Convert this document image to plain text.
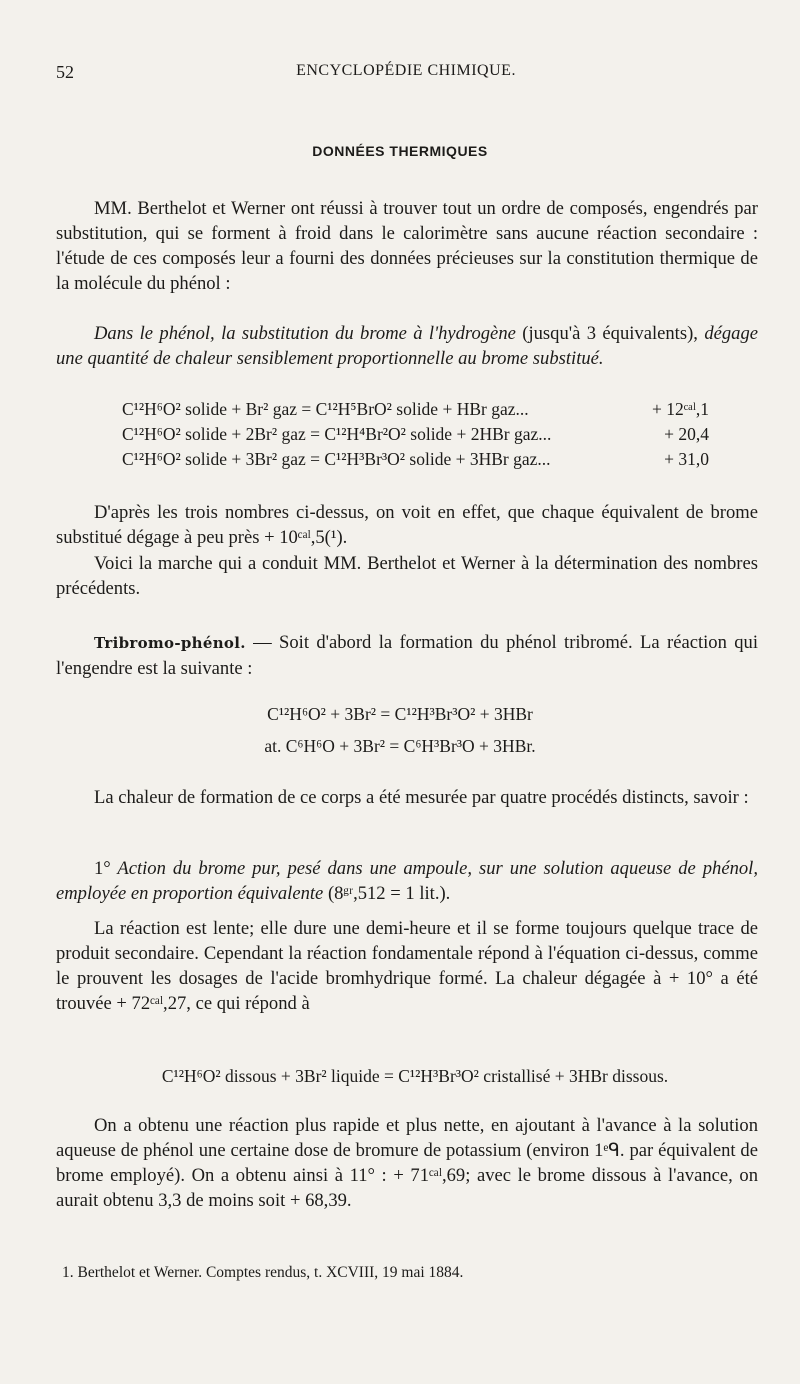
52	ENCYCLOPÉDIE CHIMIQUE.
DONNÉES THERMIQUES

MM. Berthelot et Werner ont réussi à trouver tout un ordre de composés, engendrés par substitution, qui se forment à froid dans le calorimètre sans aucune réaction secondaire : l'étude de ces composés leur a fourni des données précieuses sur la constitution thermique de la molécule du phénol :

Dans le phénol, la substitution du brome à l'hydrogène (jusqu'à 3 équivalents), dégage une quantité de chaleur sensiblement proportionnelle au brome substitué.

C¹²H⁶O² solide + Br² gaz = C¹²H⁵BrO² solide + HBr gaz...	+ 12ᶜᵃˡ,1
C¹²H⁶O² solide + 2Br² gaz = C¹²H⁴Br²O² solide + 2HBr gaz...	+ 20,4
C¹²H⁶O² solide + 3Br² gaz = C¹²H³Br³O² solide + 3HBr gaz...	+ 31,0

D'après les trois nombres ci-dessus, on voit en effet, que chaque équivalent de brome substitué dégage à peu près + 10ᶜᵃˡ,5(¹).

Voici la marche qui a conduit MM. Berthelot et Werner à la détermination des nombres précédents.

Tribromo-phénol. — Soit d'abord la formation du phénol tribromé. La réaction qui l'engendre est la suivante :

C¹²H⁶O² + 3Br² = C¹²H³Br³O² + 3HBr
at. C⁶H⁶O + 3Br² = C⁶H³Br³O + 3HBr.

La chaleur de formation de ce corps a été mesurée par quatre procédés distincts, savoir :

1° Action du brome pur, pesé dans une ampoule, sur une solution aqueuse de phénol, employée en proportion équivalente (8ᵍʳ,512 = 1 lit.).

La réaction est lente; elle dure une demi-heure et il se forme toujours quelque trace de produit secondaire. Cependant la réaction fondamentale répond à l'équation ci-dessus, comme le prouvent les dosages de l'acide bromhydrique formé. La chaleur dégagée à + 10° a été trouvée + 72ᶜᵃˡ,27, ce qui répond à

C¹²H⁶O² dissous + 3Br² liquide = C¹²H³Br³O² cristallisé + 3HBr dissous.

On a obtenu une réaction plus rapide et plus nette, en ajoutant à l'avance à la solution aqueuse de phénol une certaine dose de bromure de potassium (environ 1ᵉᑫ. par équivalent de brome employé). On a obtenu ainsi à 11° : + 71ᶜᵃˡ,69; avec le brome dissous à l'avance, on aurait obtenu 3,3 de moins soit + 68,39.

1. Berthelot et Werner. Comptes rendus, t. XCVIII, 19 mai 1884.
